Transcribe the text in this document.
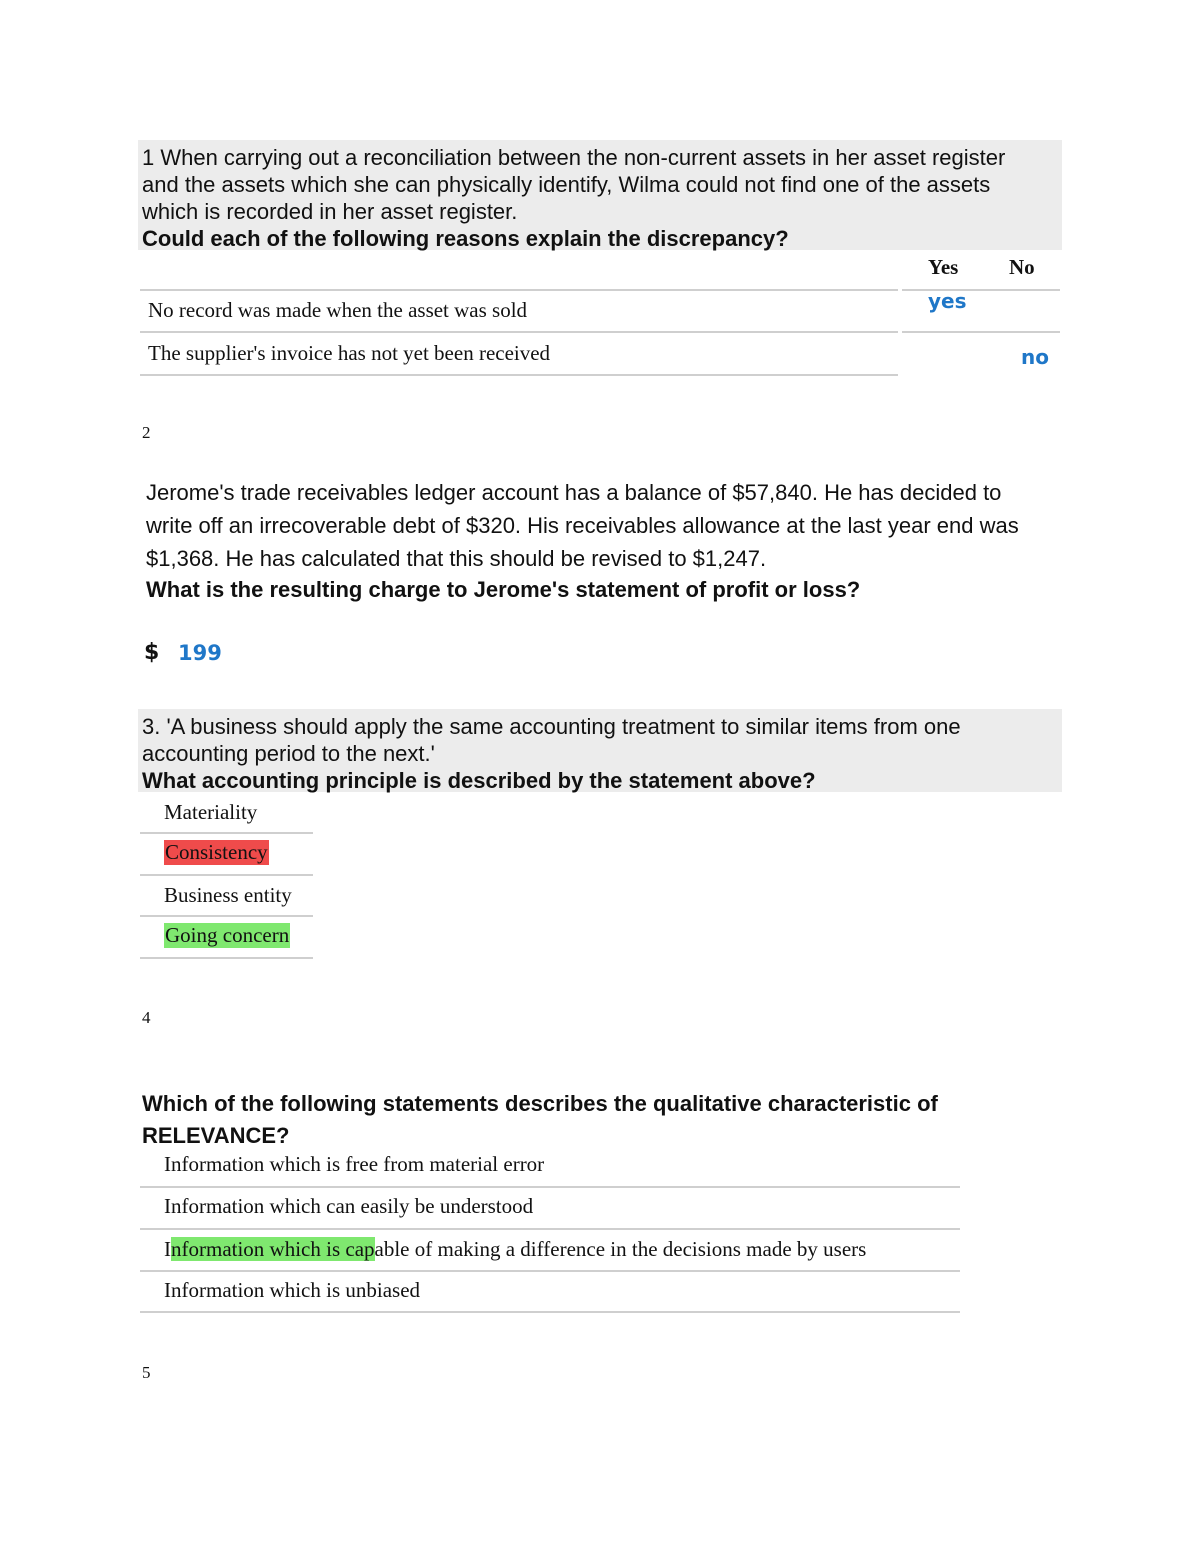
1 When carrying out a reconciliation between the non-current assets in her asset register and the assets which she can physically identify, Wilma could not find one of the assets which is recorded in her asset register.
Could each of the following reasons explain the discrepancy?
Yes No
No record was made when the asset was sold	yes
The supplier's invoice has not yet been received	no
2
Jerome's trade receivables ledger account has a balance of $57,840. He has decided to write off an irrecoverable debt of $320. His receivables allowance at the last year end was $1,368. He has calculated that this should be revised to $1,247.
What is the resulting charge to Jerome's statement of profit or loss?
$ 199
3. 'A business should apply the same accounting treatment to similar items from one accounting period to the next.'
What accounting principle is described by the statement above?
Materiality
Consistency
Business entity
Going concern
4
Which of the following statements describes the qualitative characteristic of RELEVANCE?
Information which is free from material error
Information which can easily be understood
Information which is capable of making a difference in the decisions made by users
Information which is unbiased
5
